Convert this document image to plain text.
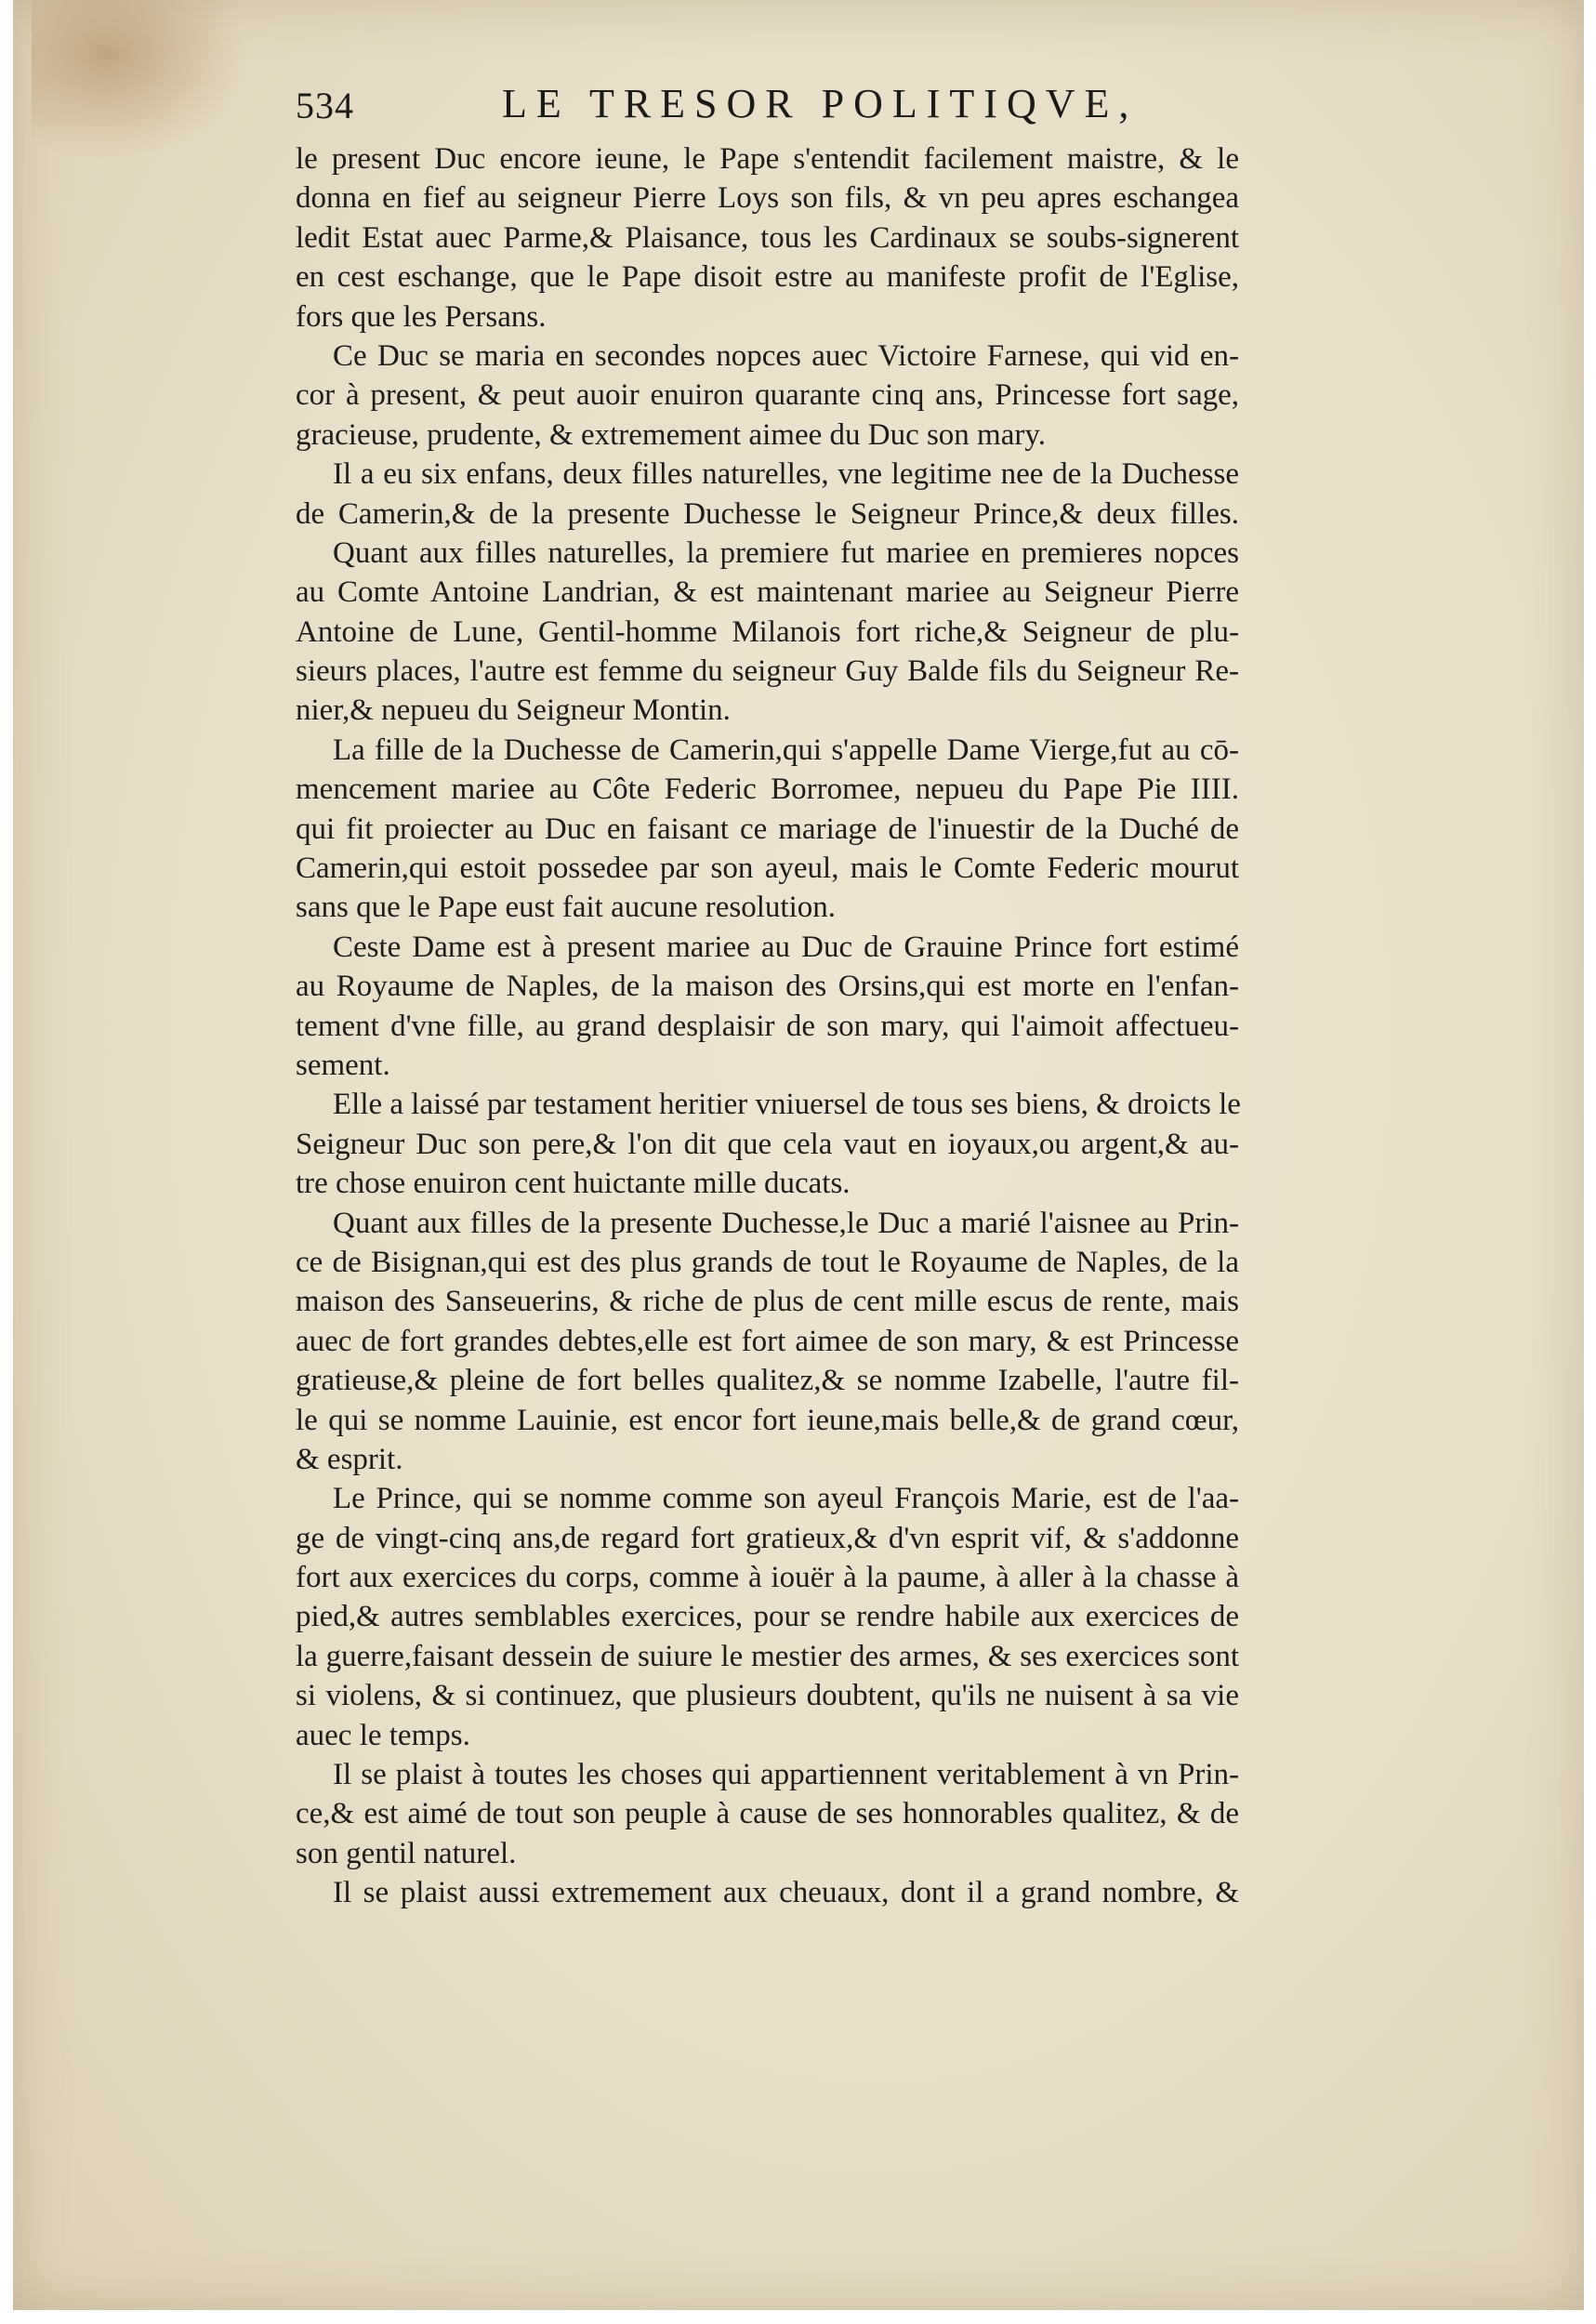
534	LE TRESOR POLITIQVE,
le present Duc encore ieune, le Pape s'entendit facilement maistre, & le
donna en fief au seigneur Pierre Loys son fils, & vn peu apres eschangea
ledit Estat auec Parme,& Plaisance, tous les Cardinaux se soubs-signerent
en cest eschange, que le Pape disoit estre au manifeste profit de l'Eglise,
fors que les Persans.
Ce Duc se maria en secondes nopces auec Victoire Farnese, qui vid en-
cor à present, & peut auoir enuiron quarante cinq ans, Princesse fort sage,
gracieuse, prudente, & extremement aimee du Duc son mary.
Il a eu six enfans, deux filles naturelles, vne legitime nee de la Duchesse
de Camerin,& de la presente Duchesse le Seigneur Prince,& deux filles.
Quant aux filles naturelles, la premiere fut mariee en premieres nopces
au Comte Antoine Landrian, & est maintenant mariee au Seigneur Pierre
Antoine de Lune, Gentil-homme Milanois fort riche,& Seigneur de plu-
sieurs places, l'autre est femme du seigneur Guy Balde fils du Seigneur Re-
nier,& nepueu du Seigneur Montin.
La fille de la Duchesse de Camerin,qui s'appelle Dame Vierge,fut au cō-
mencement mariee au Côte Federic Borromee, nepueu du Pape Pie IIII.
qui fit proiecter au Duc en faisant ce mariage de l'inuestir de la Duché de
Camerin,qui estoit possedee par son ayeul, mais le Comte Federic mourut
sans que le Pape eust fait aucune resolution.
Ceste Dame est à present mariee au Duc de Grauine Prince fort estimé
au Royaume de Naples, de la maison des Orsins,qui est morte en l'enfan-
tement d'vne fille, au grand desplaisir de son mary, qui l'aimoit affectueu-
sement.
Elle a laissé par testament heritier vniuersel de tous ses biens, & droicts le
Seigneur Duc son pere,& l'on dit que cela vaut en ioyaux,ou argent,& au-
tre chose enuiron cent huictante mille ducats.
Quant aux filles de la presente Duchesse,le Duc a marié l'aisnee au Prin-
ce de Bisignan,qui est des plus grands de tout le Royaume de Naples, de la
maison des Sanseuerins, & riche de plus de cent mille escus de rente, mais
auec de fort grandes debtes,elle est fort aimee de son mary, & est Princesse
gratieuse,& pleine de fort belles qualitez,& se nomme Izabelle, l'autre fil-
le qui se nomme Lauinie, est encor fort ieune,mais belle,& de grand cœur,
& esprit.
Le Prince, qui se nomme comme son ayeul François Marie, est de l'aa-
ge de vingt-cinq ans,de regard fort gratieux,& d'vn esprit vif, & s'addonne
fort aux exercices du corps, comme à iouër à la paume, à aller à la chasse à
pied,& autres semblables exercices, pour se rendre habile aux exercices de
la guerre,faisant dessein de suiure le mestier des armes, & ses exercices sont
si violens, & si continuez, que plusieurs doubtent, qu'ils ne nuisent à sa vie
auec le temps.
Il se plaist à toutes les choses qui appartiennent veritablement à vn Prin-
ce,& est aimé de tout son peuple à cause de ses honnorables qualitez, & de
son gentil naturel.
Il se plaist aussi extremement aux cheuaux, dont il a grand nombre, &
